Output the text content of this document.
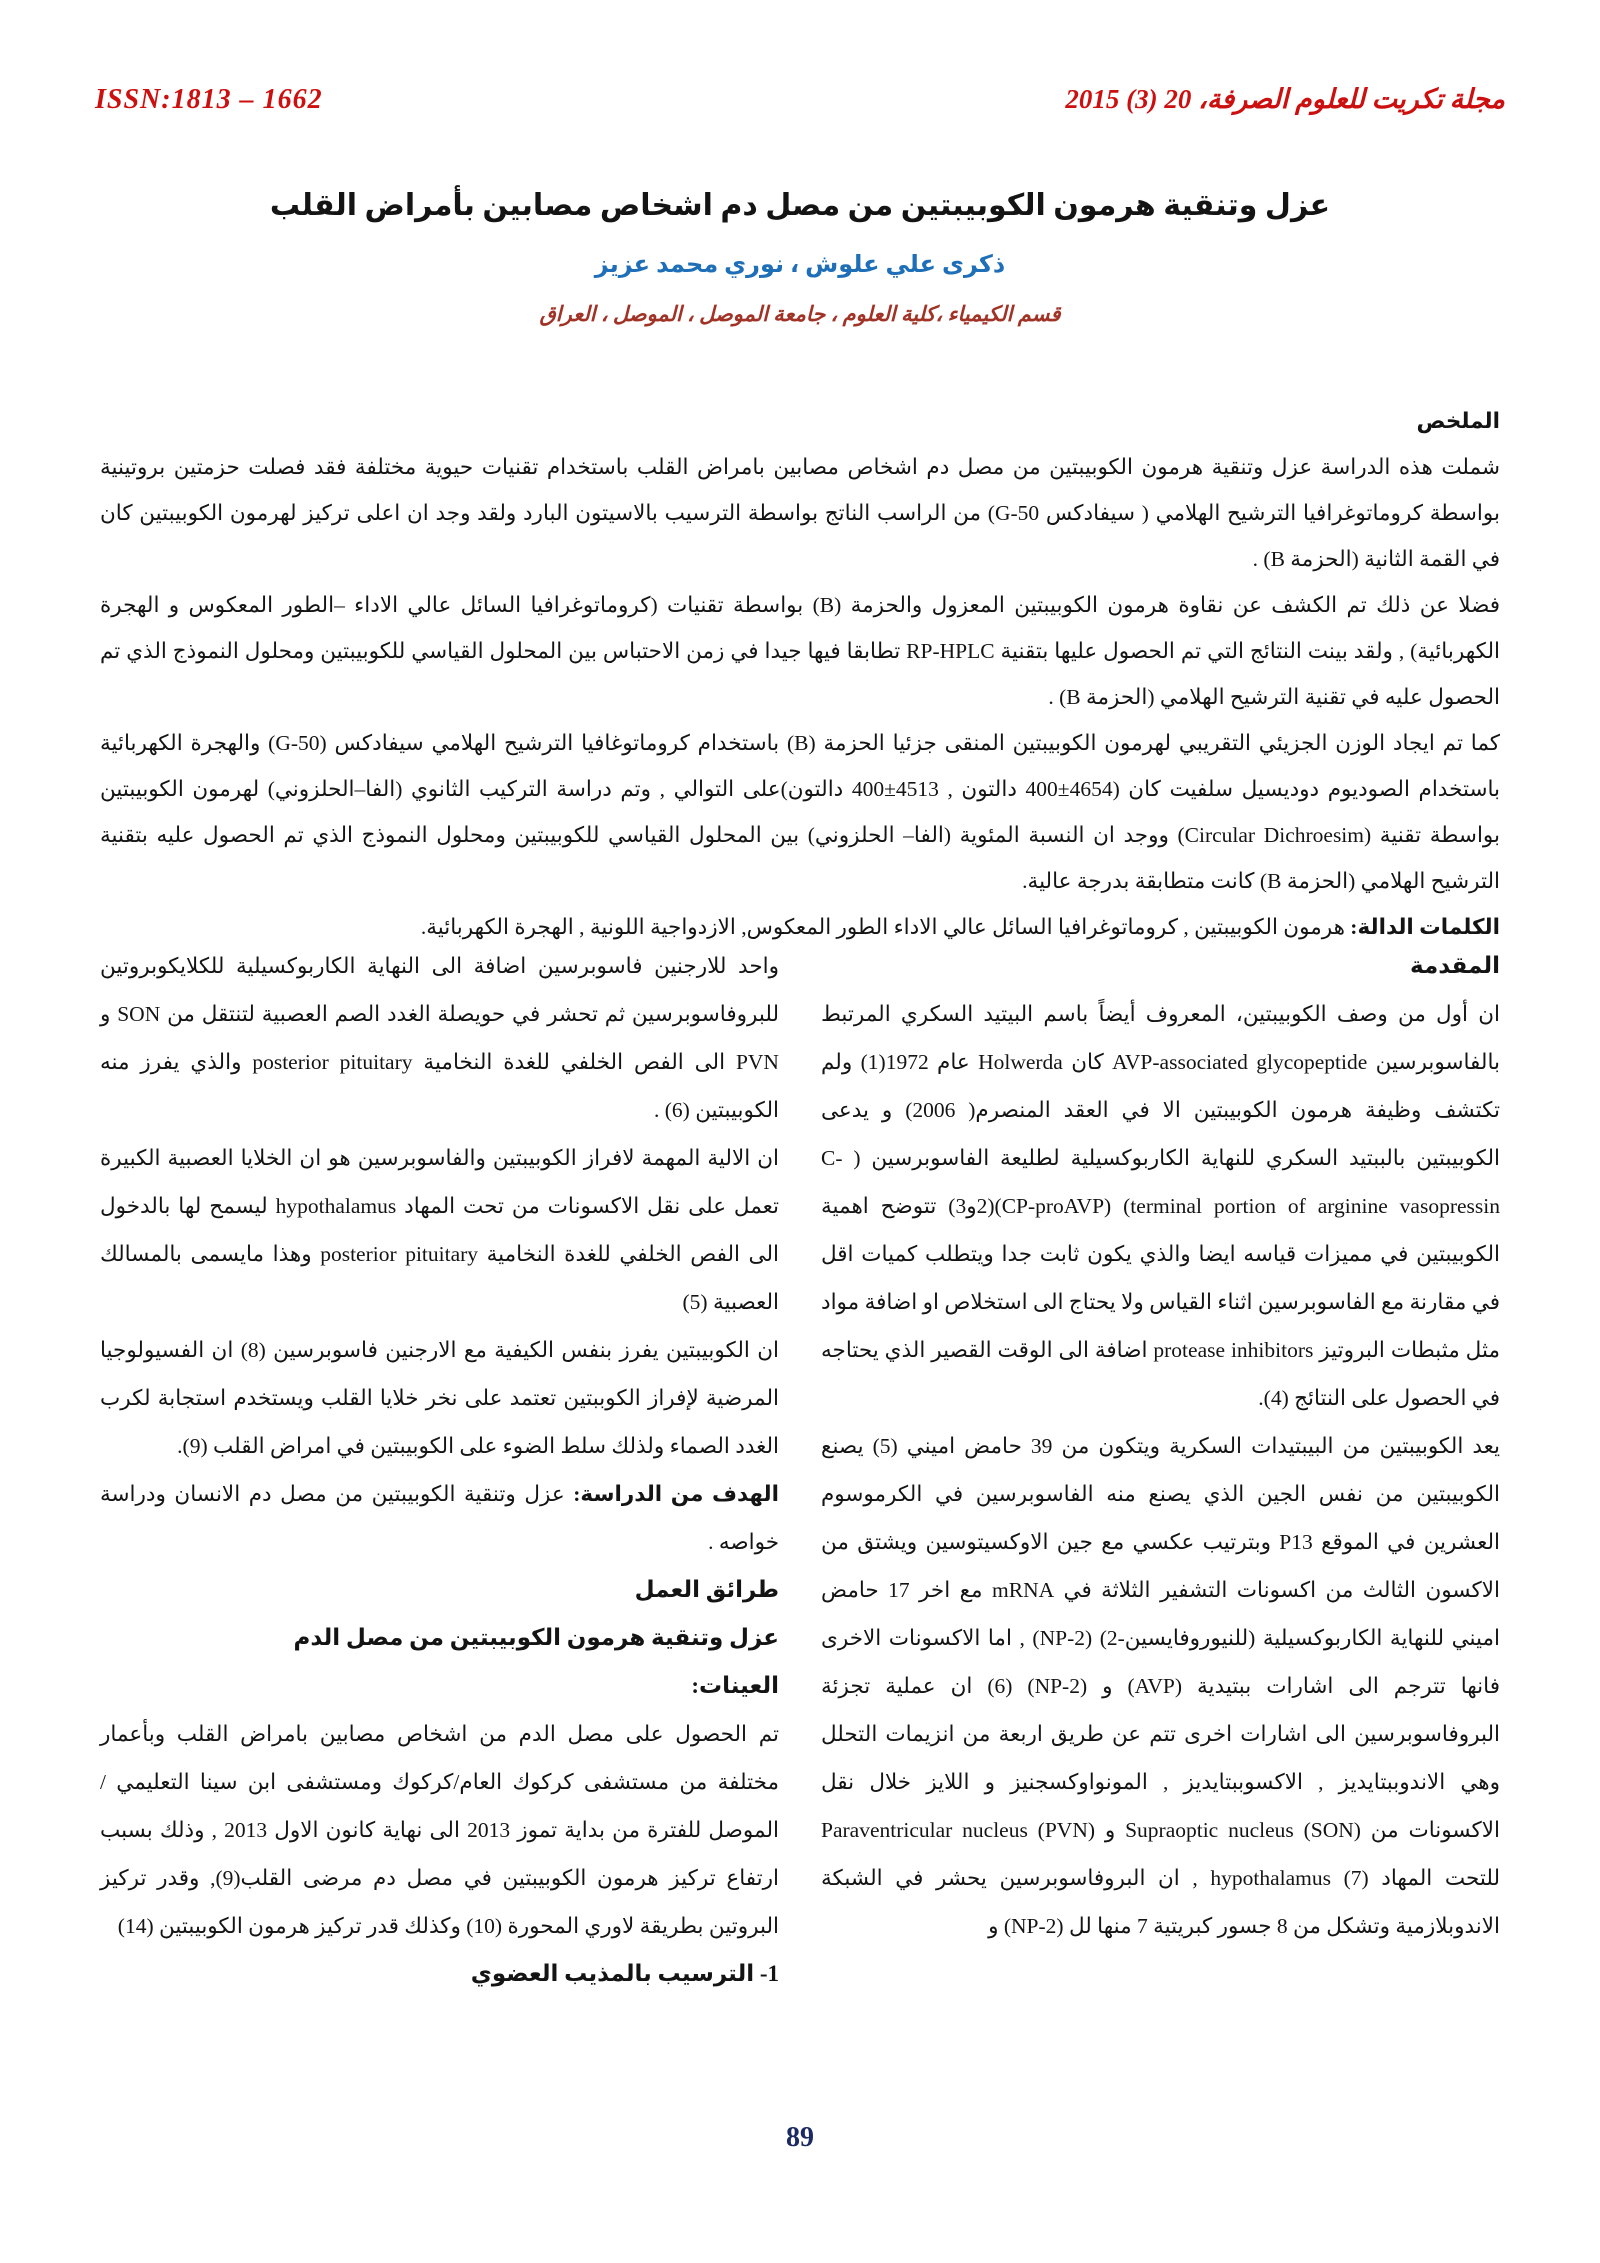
ISSN:1813 – 1662	مجلة تكريت للعلوم الصرفة، 20 (3) 2015

عزل وتنقية هرمون الكوبيبتين من مصل دم اشخاص مصابين بأمراض القلب

ذكرى علي علوش ، نوري محمد عزيز

قسم الكيمياء ،كلية العلوم ، جامعة الموصل ، الموصل ، العراق

الملخص

شملت هذه الدراسة عزل وتنقية هرمون الكوبيبتين من مصل دم اشخاص مصابين بامراض القلب باستخدام تقنيات حيوية مختلفة فقد فصلت حزمتين بروتينية بواسطة كروماتوغرافيا الترشيح الهلامي ( سيفادكس G-50) من الراسب الناتج بواسطة الترسيب بالاسيتون البارد ولقد وجد ان اعلى تركيز لهرمون الكوبيبتين كان في القمة الثانية (الحزمة B) .

فضلا عن ذلك تم الكشف عن نقاوة هرمون الكوبيبتين المعزول والحزمة (B) بواسطة تقنيات (كروماتوغرافيا السائل عالي الاداء –الطور المعكوس و الهجرة الكهربائية) , ولقد بينت النتائج التي تم الحصول عليها بتقنية RP-HPLC تطابقا فيها جيدا في زمن الاحتباس بين المحلول القياسي للكوبيبتين ومحلول النموذج الذي تم الحصول عليه في تقنية الترشيح الهلامي (الحزمة B) .

كما تم ايجاد الوزن الجزيئي التقريبي لهرمون الكوبيبتين المنقى جزئيا الحزمة (B) باستخدام كروماتوغافيا الترشيح الهلامي سيفادكس (G-50) والهجرة الكهربائية باستخدام الصوديوم دوديسيل سلفيت كان (4654±400 دالتون , 4513±400 دالتون)على التوالي , وتم دراسة التركيب الثانوي (الفا–الحلزوني) لهرمون الكوبيبتين بواسطة تقنية (Circular Dichroesim) ووجد ان النسبة المئوية (الفا– الحلزوني) بين المحلول القياسي للكوبيبتين ومحلول النموذج الذي تم الحصول عليه بتقنية الترشيح الهلامي (الحزمة B) كانت متطابقة بدرجة عالية.

الكلمات الدالة: هرمون الكوبيبتين , كروماتوغرافيا السائل عالي الاداء الطور المعكوس, الازدواجية اللونية , الهجرة الكهربائية.

المقدمة

ان أول من وصف الكوبيبتين، المعروف أيضاً باسم البيتيد السكري المرتبط بالفاسوبرسين AVP-associated glycopeptide كان Holwerda عام 1972(1) ولم تكتشف وظيفة هرمون الكوبيبتين الا في العقد المنصرم( 2006) و يدعى الكوبيبتين بالببتيد السكري للنهاية الكاربوكسيلية لطليعة الفاسوبرسين ( C-terminal portion of arginine vasopressin) (CP-proAVP)(2و3) تتوضح اهمية الكوبيبتين في مميزات قياسه ايضا والذي يكون ثابت جدا ويتطلب كميات اقل في مقارنة مع الفاسوبرسين اثناء القياس ولا يحتاج الى استخلاص او اضافة مواد مثل مثبطات البروتيز protease inhibitors اضافة الى الوقت القصير الذي يحتاجه في الحصول على النتائج (4).

يعد الكوبيبتين من البيبتيدات السكرية ويتكون من 39 حامض اميني (5) يصنع الكوبيبتين من نفس الجين الذي يصنع منه الفاسوبرسين في الكرموسوم العشرين في الموقع P13 وبترتيب عكسي مع جين الاوكسيتوسين ويشتق من الاكسون الثالث من اكسونات التشفير الثلاثة في mRNA مع اخر 17 حامض اميني للنهاية الكاربوكسيلية (للنيوروفايسين-2) (NP-2) , اما الاكسونات الاخرى فانها تترجم الى اشارات ببتيدية (AVP) و (NP-2) (6) ان عملية تجزئة البروفاسوبرسين الى اشارات اخرى تتم عن طريق اربعة من انزيمات التحلل وهي الاندوببتايديز , الاكسوببتايديز , المونواوكسجنيز و اللايز خلال نقل الاكسونات من Supraoptic nucleus (SON) و Paraventricular nucleus (PVN) للتحت المهاد hypothalamus (7) , ان البروفاسوبرسين يحشر في الشبكة الاندوبلازمية وتشكل من 8 جسور كبريتية 7 منها لل (NP-2) و

واحد للارجنين فاسوبرسين اضافة الى النهاية الكاربوكسيلية للكلايكوبروتين للبروفاسوبرسين ثم تحشر في حويصلة الغدد الصم العصبية لتنتقل من SON و PVN الى الفص الخلفي للغدة النخامية posterior pituitary والذي يفرز منه الكوبيبتين (6) .

ان الالية المهمة لافراز الكوبيبتين والفاسوبرسين هو ان الخلايا العصبية الكبيرة تعمل على نقل الاكسونات من تحت المهاد hypothalamus ليسمح لها بالدخول الى الفص الخلفي للغدة النخامية posterior pituitary وهذا مايسمى بالمسالك العصبية (5)

ان الكوبيبتين يفرز بنفس الكيفية مع الارجنين فاسوبرسين (8) ان الفسيولوجيا المرضية لإفراز الكوببتين تعتمد على نخر خلايا القلب ويستخدم استجابة لكرب الغدد الصماء ولذلك سلط الضوء على الكوبيبتين في امراض القلب (9).

الهدف من الدراسة: عزل وتنقية الكوبيبتين من مصل دم الانسان ودراسة خواصه .

طرائق العمل

عزل وتنقية هرمون الكوبيبتين من مصل الدم

العينات:

تم الحصول على مصل الدم من اشخاص مصابين بامراض القلب وبأعمار مختلفة من مستشفى كركوك العام/كركوك ومستشفى ابن سينا التعليمي / الموصل للفترة من بداية تموز 2013 الى نهاية كانون الاول 2013 , وذلك بسبب ارتفاع تركيز هرمون الكوبيبتين في مصل دم مرضى القلب(9), وقدر تركيز البروتين بطريقة لاوري المحورة (10) وكذلك قدر تركيز هرمون الكوبيبتين (14)

1- الترسيب بالمذيب العضوي

89
